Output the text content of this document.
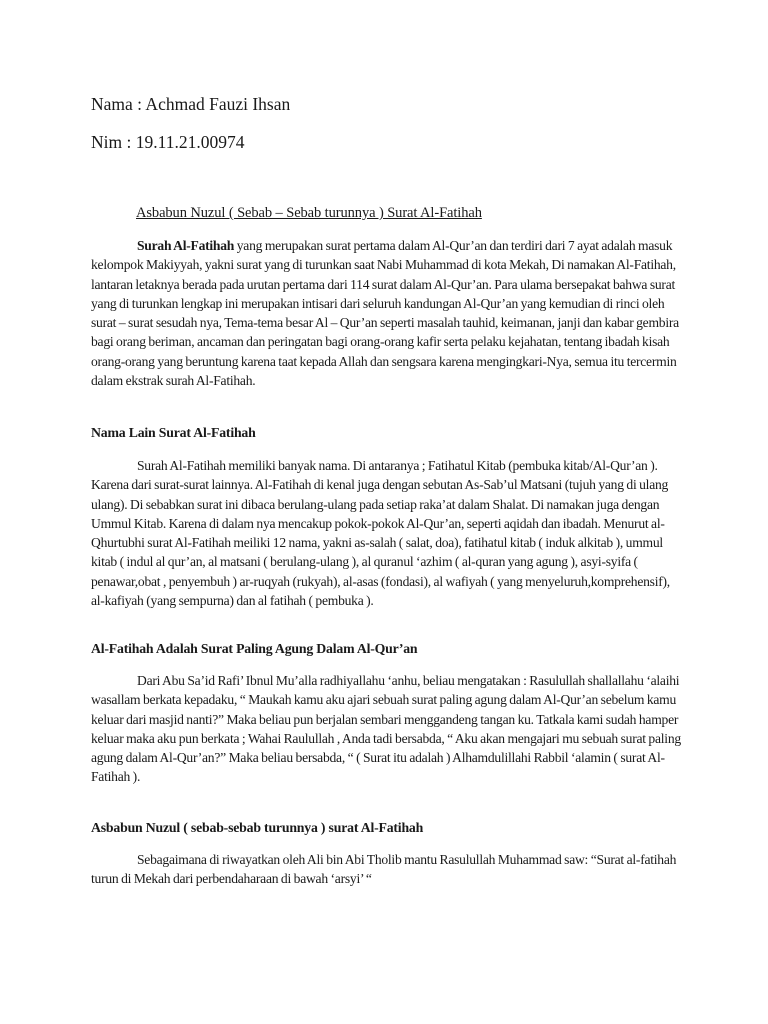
Nama : Achmad Fauzi Ihsan

Nim : 19.11.21.00974

Asbabun Nuzul ( Sebab – Sebab turunnya ) Surat Al-Fatihah

Surah Al-Fatihah yang merupakan surat pertama dalam Al-Qur’an dan terdiri dari 7 ayat adalah masuk kelompok Makiyyah, yakni surat yang di turunkan saat Nabi Muhammad di kota Mekah, Di namakan Al-Fatihah, lantaran letaknya berada pada urutan pertama dari 114 surat dalam Al-Qur’an. Para ulama bersepakat bahwa surat yang di turunkan lengkap ini merupakan intisari dari seluruh kandungan Al-Qur’an yang kemudian di rinci oleh surat – surat sesudah nya, Tema-tema besar Al – Qur’an seperti masalah tauhid, keimanan, janji dan kabar gembira bagi orang beriman, ancaman dan peringatan bagi orang-orang kafir serta pelaku kejahatan, tentang ibadah kisah orang-orang yang beruntung karena taat kepada Allah dan sengsara karena mengingkari-Nya, semua itu tercermin dalam ekstrak surah Al-Fatihah.

Nama Lain Surat Al-Fatihah

Surah Al-Fatihah memiliki banyak nama. Di antaranya ; Fatihatul Kitab (pembuka kitab/Al-Qur’an ). Karena dari surat-surat lainnya. Al-Fatihah di kenal juga dengan sebutan As-Sab’ul Matsani (tujuh yang di ulang ulang). Di sebabkan surat ini dibaca berulang-ulang pada setiap raka’at dalam Shalat. Di namakan juga dengan Ummul Kitab. Karena di dalam nya mencakup pokok-pokok Al-Qur’an, seperti aqidah dan ibadah. Menurut al-Qhurtubhi surat Al-Fatihah meiliki 12 nama, yakni as-salah ( salat, doa), fatihatul kitab ( induk alkitab ), ummul kitab ( indul al qur’an, al matsani ( berulang-ulang ), al quranul ‘azhim ( al-quran yang agung ), asyi-syifa ( penawar,obat , penyembuh ) ar-ruqyah (rukyah), al-asas (fondasi), al wafiyah ( yang menyeluruh,komprehensif), al-kafiyah (yang sempurna) dan al fatihah ( pembuka ).

Al-Fatihah Adalah Surat Paling Agung Dalam Al-Qur’an

Dari Abu Sa’id Rafi’ Ibnul Mu’alla radhiyallahu ‘anhu, beliau mengatakan : Rasulullah shallallahu ‘alaihi wasallam berkata kepadaku, “ Maukah kamu aku ajari sebuah surat paling agung dalam Al-Qur’an sebelum kamu keluar dari masjid nanti?” Maka beliau pun berjalan sembari menggandeng tangan ku. Tatkala kami sudah hamper keluar maka aku pun berkata ; Wahai Raulullah , Anda tadi bersabda, “ Aku akan mengajari mu sebuah surat paling agung dalam Al-Qur’an?” Maka beliau bersabda, “ ( Surat itu adalah ) Alhamdulillahi Rabbil ‘alamin ( surat Al-Fatihah ).

Asbabun Nuzul ( sebab-sebab turunnya ) surat Al-Fatihah

Sebagaimana di riwayatkan oleh Ali bin Abi Tholib mantu Rasulullah Muhammad saw: “Surat al-fatihah turun di Mekah dari perbendaharaan di bawah ‘arsyi’ “
